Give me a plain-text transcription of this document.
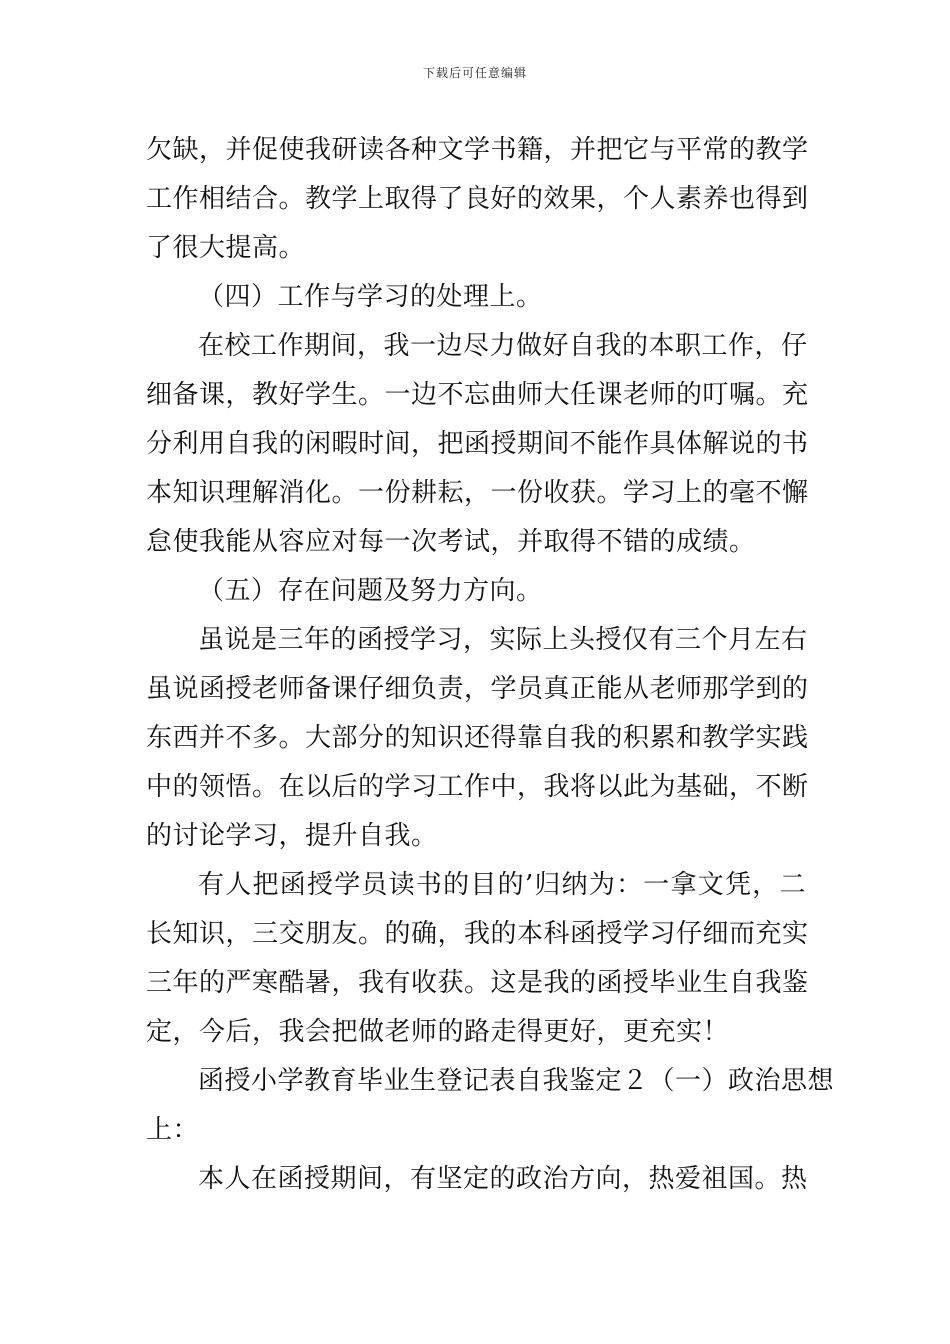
下载后可任意编辑
欠缺，并促使我研读各种文学书籍，并把它与平常的教学
工作相结合。教学上取得了良好的效果，个人素养也得到
了很大提高。
（四）工作与学习的处理上。
在校工作期间，我一边尽力做好自我的本职工作，仔
细备课，教好学生。一边不忘曲师大任课老师的叮嘱。充
分利用自我的闲暇时间，把函授期间不能作具体解说的书
本知识理解消化。一份耕耘，一份收获。学习上的毫不懈
怠使我能从容应对每一次考试，并取得不错的成绩。
（五）存在问题及努力方向。
虽说是三年的函授学习，实际上头授仅有三个月左右
虽说函授老师备课仔细负责，学员真正能从老师那学到的
东西并不多。大部分的知识还得靠自我的积累和教学实践
中的领悟。在以后的学习工作中，我将以此为基础，不断
的讨论学习，提升自我。
有人把函授学员读书的目的’归纳为：一拿文凭，二
长知识，三交朋友。的确，我的本科函授学习仔细而充实
三年的严寒酷暑，我有收获。这是我的函授毕业生自我鉴
定，今后，我会把做老师的路走得更好，更充实！
函授小学教育毕业生登记表自我鉴定２（一）政治思想
上：
本人在函授期间，有坚定的政治方向，热爱祖国。热
